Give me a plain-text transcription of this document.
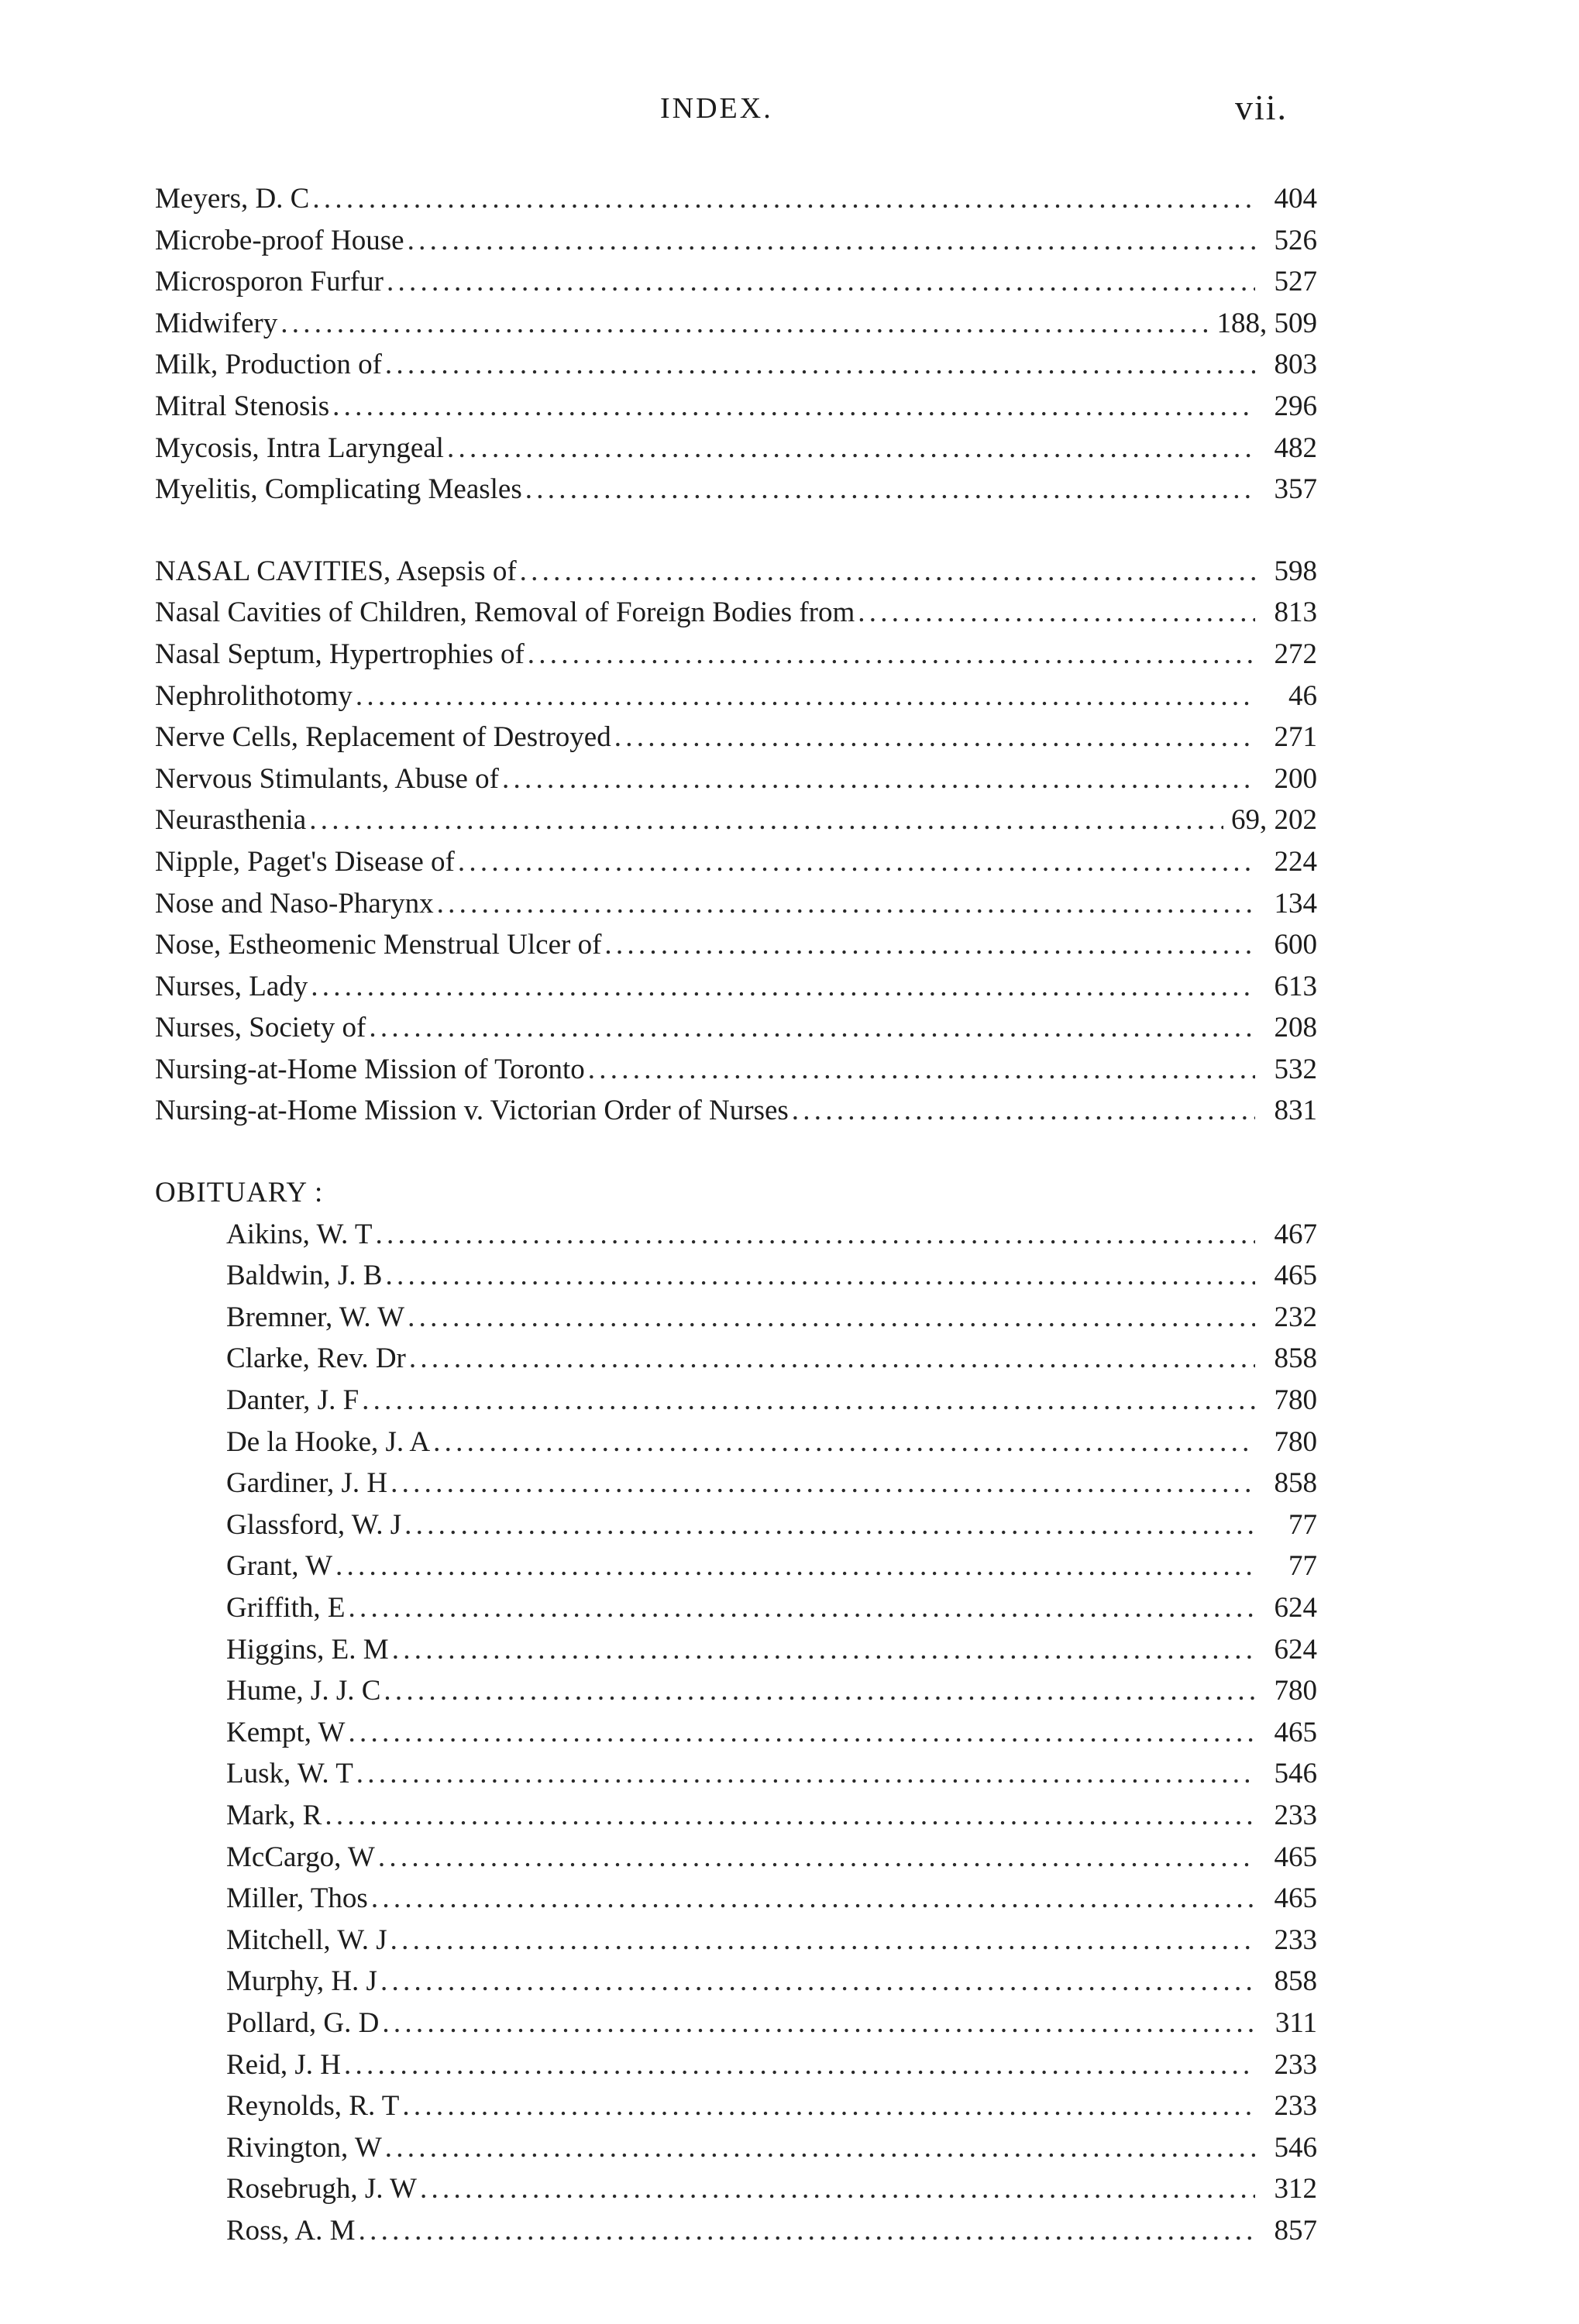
INDEX.	vii.
Meyers, D. C . . .	404
Microbe-proof House . . .	526
Microsporon Furfur . . .	527
Midwifery . . .	188, 509
Milk, Production of . . .	803
Mitral Stenosis . . .	296
Mycosis, Intra Laryngeal . . .	482
Myelitis, Complicating Measles . . .	357
NASAL CAVITIES, Asepsis of . . .	598
Nasal Cavities of Children, Removal of Foreign Bodies from . . .	813
Nasal Septum, Hypertrophies of . . .	272
Nephrolithotomy . . .	46
Nerve Cells, Replacement of Destroyed . . .	271
Nervous Stimulants, Abuse of . . .	200
Neurasthenia . . .	69, 202
Nipple, Paget's Disease of . . .	224
Nose and Naso-Pharynx . . .	134
Nose, Estheomenic Menstrual Ulcer of . . .	600
Nurses, Lady . . .	613
Nurses, Society of . . .	208
Nursing-at-Home Mission of Toronto . . .	532
Nursing-at-Home Mission v. Victorian Order of Nurses . . .	831
OBITUARY :
Aikins, W. T . . .	467
Baldwin, J. B . . .	465
Bremner, W. W . . .	232
Clarke, Rev. Dr . . .	858
Danter, J. F . . .	780
De la Hooke, J. A . . .	780
Gardiner, J. H . . .	858
Glassford, W. J . . .	77
Grant, W . . .	77
Griffith, E . . .	624
Higgins, E. M . . .	624
Hume, J. J. C . . .	780
Kempt, W . . .	465
Lusk, W. T . . .	546
Mark, R . . .	233
McCargo, W . . .	465
Miller, Thos . . .	465
Mitchell, W. J . . .	233
Murphy, H. J . . .	858
Pollard, G. D . . .	311
Reid, J. H . . .	233
Reynolds, R. T . . .	233
Rivington, W . . .	546
Rosebrugh, J. W . . .	312
Ross, A. M . . .	857
